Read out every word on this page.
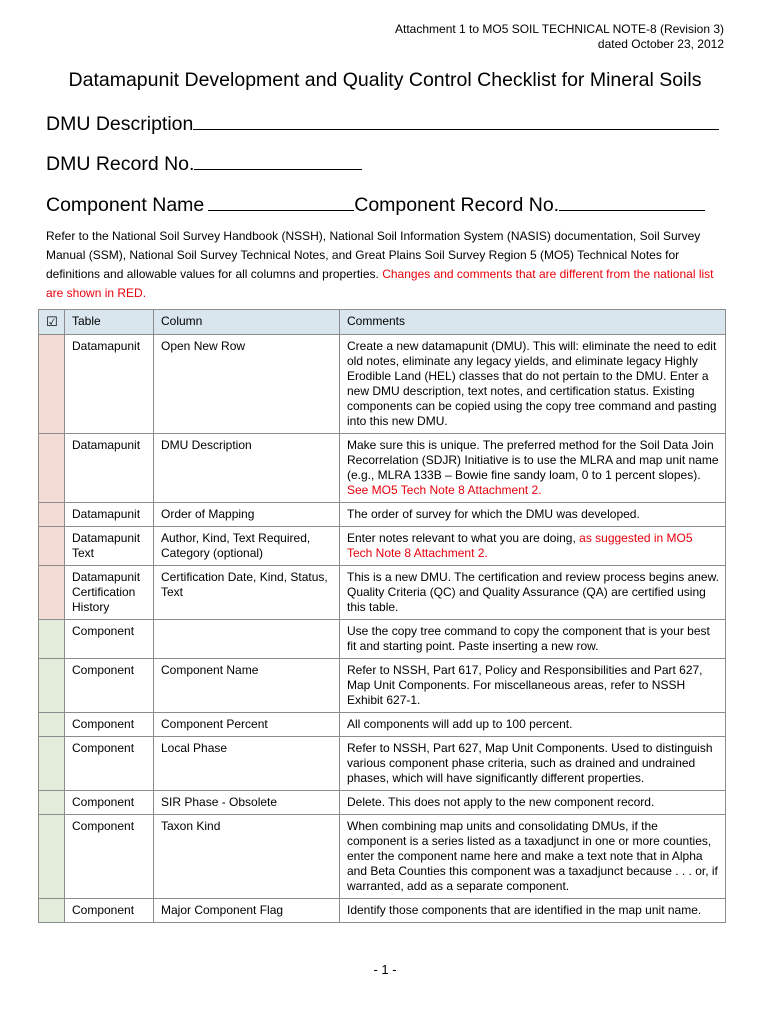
Attachment 1 to MO5 SOIL TECHNICAL NOTE-8 (Revision 3)
dated October 23, 2012
Datamapunit Development and Quality Control Checklist for Mineral Soils
DMU Description
DMU Record No.
Component Name	Component Record No.
Refer to the National Soil Survey Handbook (NSSH), National Soil Information System (NASIS) documentation, Soil Survey Manual (SSM), National Soil Survey Technical Notes, and Great Plains Soil Survey Region 5 (MO5) Technical Notes for definitions and allowable values for all columns and properties. Changes and comments that are different from the national list are shown in RED.
☑	Table	Column	Comments
	Datamapunit	Open New Row	Create a new datamapunit (DMU). This will: eliminate the need to edit old notes, eliminate any legacy yields, and eliminate legacy Highly Erodible Land (HEL) classes that do not pertain to the DMU. Enter a new DMU description, text notes, and certification status. Existing components can be copied using the copy tree command and pasting into this new DMU.
	Datamapunit	DMU Description	Make sure this is unique. The preferred method for the Soil Data Join Recorrelation (SDJR) Initiative is to use the MLRA and map unit name (e.g., MLRA 133B – Bowie fine sandy loam, 0 to 1 percent slopes). See MO5 Tech Note 8 Attachment 2.
	Datamapunit	Order of Mapping	The order of survey for which the DMU was developed.
	Datamapunit Text	Author, Kind, Text Required, Category (optional)	Enter notes relevant to what you are doing, as suggested in MO5 Tech Note 8 Attachment 2.
	Datamapunit Certification History	Certification Date, Kind, Status, Text	This is a new DMU. The certification and review process begins anew. Quality Criteria (QC) and Quality Assurance (QA) are certified using this table.
	Component		Use the copy tree command to copy the component that is your best fit and starting point. Paste inserting a new row.
	Component	Component Name	Refer to NSSH, Part 617, Policy and Responsibilities and Part 627, Map Unit Components. For miscellaneous areas, refer to NSSH Exhibit 627-1.
	Component	Component Percent	All components will add up to 100 percent.
	Component	Local Phase	Refer to NSSH, Part 627, Map Unit Components. Used to distinguish various component phase criteria, such as drained and undrained phases, which will have significantly different properties.
	Component	SIR Phase - Obsolete	Delete. This does not apply to the new component record.
	Component	Taxon Kind	When combining map units and consolidating DMUs, if the component is a series listed as a taxadjunct in one or more counties, enter the component name here and make a text note that in Alpha and Beta Counties this component was a taxadjunct because . . . or, if warranted, add as a separate component.
	Component	Major Component Flag	Identify those components that are identified in the map unit name.
- 1 -
